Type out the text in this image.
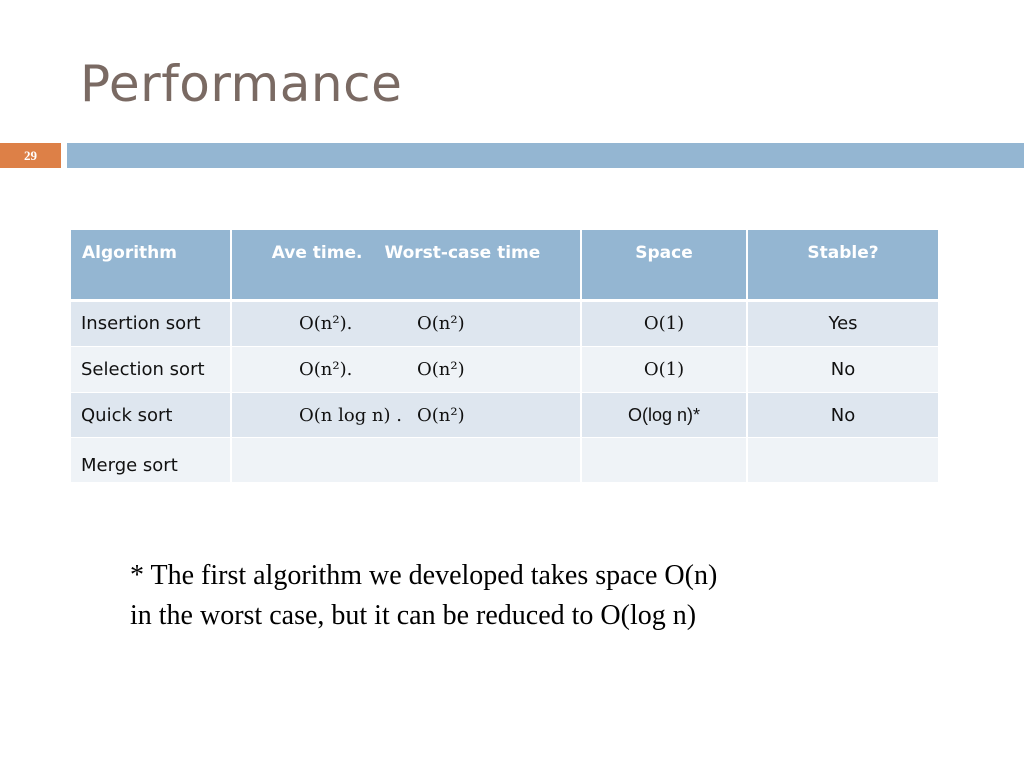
Performance
29
Algorithm	Ave time. Worst-case time	Space	Stable?
Insertion sort	O(n²). O(n²)	O(1)	Yes
Selection sort	O(n²). O(n²)	O(1)	No
Quick sort	O(n log n) . O(n²)	O(log n)*	No
Merge sort			
* The first algorithm we developed takes space O(n)
in the worst case, but it can be reduced to O(log n)
